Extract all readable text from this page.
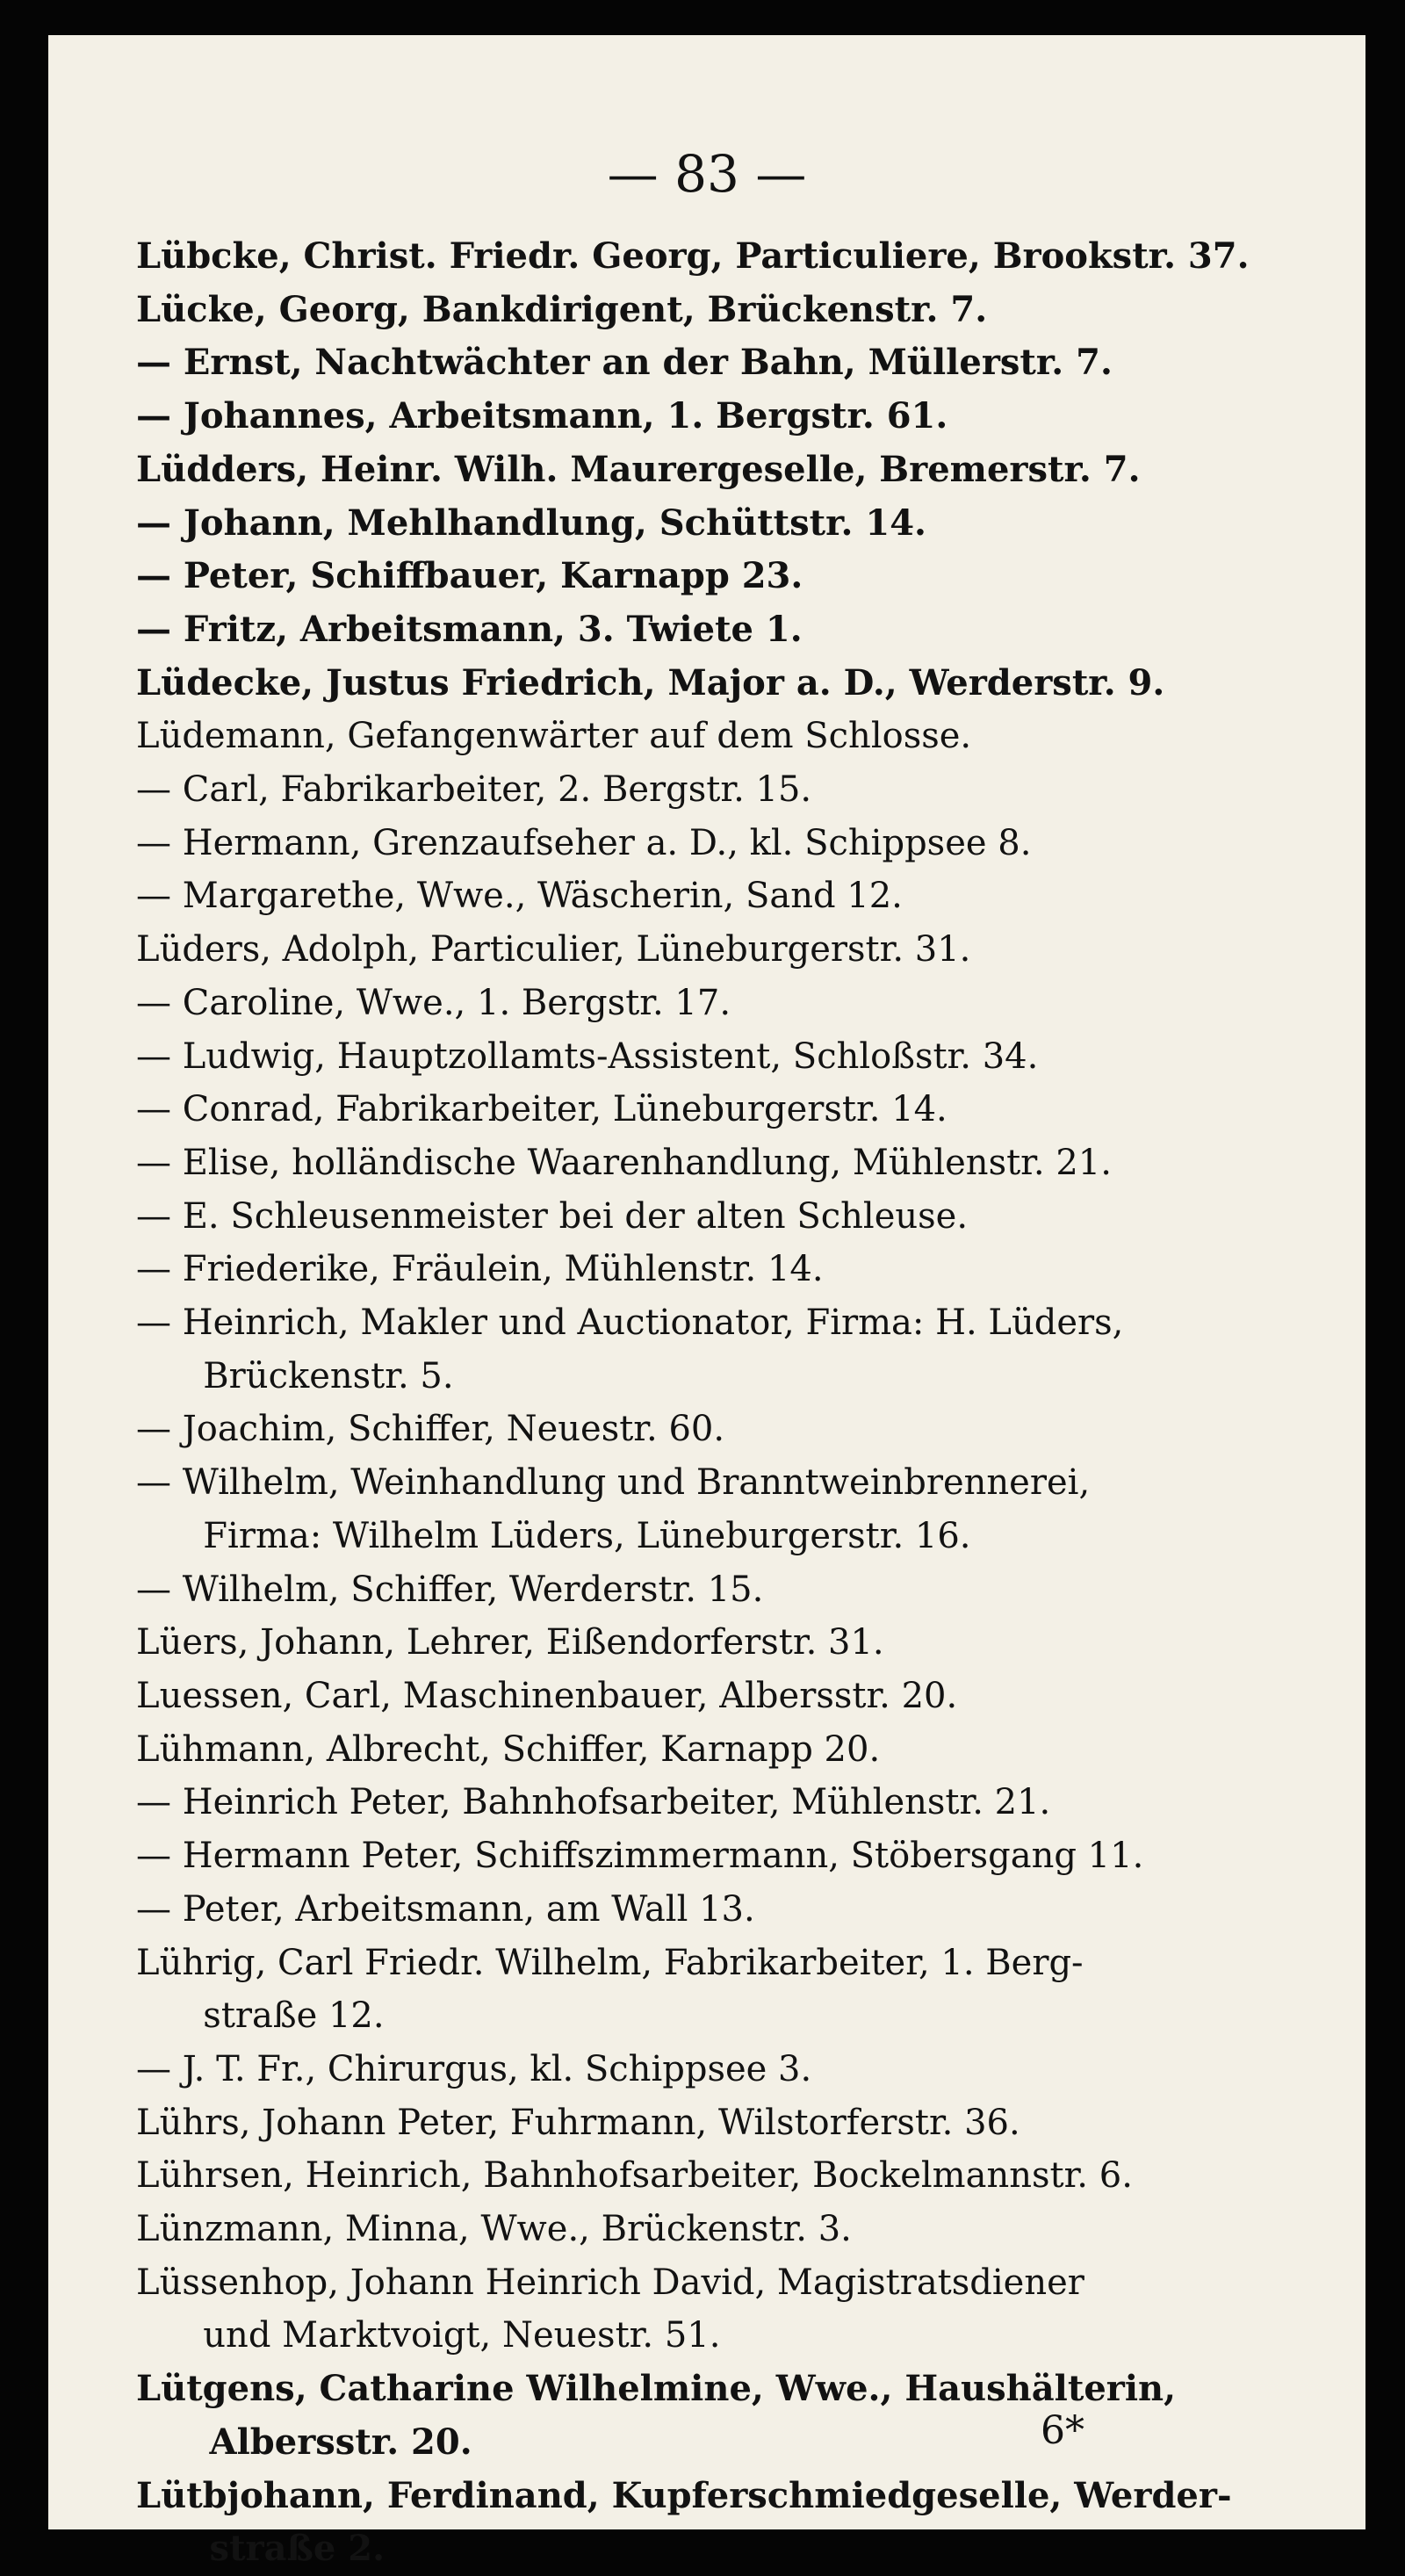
— 83 —
Lübcke, Christ. Friedr. Georg, Particuliere, Brookstr. 37.
Lücke, Georg, Bankdirigent, Brückenstr. 7.
— Ernst, Nachtwächter an der Bahn, Müllerstr. 7.
— Johannes, Arbeitsmann, 1. Bergstr. 61.
Lüdders, Heinr. Wilh. Maurergeselle, Bremerstr. 7.
— Johann, Mehlhandlung, Schüttstr. 14.
— Peter, Schiffbauer, Karnapp 23.
— Fritz, Arbeitsmann, 3. Twiete 1.
Lüdecke, Justus Friedrich, Major a. D., Werderstr. 9.
Lüdemann, Gefangenwärter auf dem Schlosse.
— Carl, Fabrikarbeiter, 2. Bergstr. 15.
— Hermann, Grenzaufseher a. D., kl. Schippsee 8.
— Margarethe, Wwe., Wäscherin, Sand 12.
Lüders, Adolph, Particulier, Lüneburgerstr. 31.
— Caroline, Wwe., 1. Bergstr. 17.
— Ludwig, Hauptzollamts-Assistent, Schloßstr. 34.
— Conrad, Fabrikarbeiter, Lüneburgerstr. 14.
— Elise, holländische Waarenhandlung, Mühlenstr. 21.
— E. Schleusenmeister bei der alten Schleuse.
— Friederike, Fräulein, Mühlenstr. 14.
— Heinrich, Makler und Auctionator, Firma: H. Lüders,
Brückenstr. 5.
— Joachim, Schiffer, Neuestr. 60.
— Wilhelm, Weinhandlung und Branntweinbrennerei,
Firma: Wilhelm Lüders, Lüneburgerstr. 16.
— Wilhelm, Schiffer, Werderstr. 15.
Lüers, Johann, Lehrer, Eißendorferstr. 31.
Luessen, Carl, Maschinenbauer, Albersstr. 20.
Lühmann, Albrecht, Schiffer, Karnapp 20.
— Heinrich Peter, Bahnhofsarbeiter, Mühlenstr. 21.
— Hermann Peter, Schiffszimmermann, Stöbersgang 11.
— Peter, Arbeitsmann, am Wall 13.
Lührig, Carl Friedr. Wilhelm, Fabrikarbeiter, 1. Berg-
straße 12.
— J. T. Fr., Chirurgus, kl. Schippsee 3.
Lührs, Johann Peter, Fuhrmann, Wilstorferstr. 36.
Lührsen, Heinrich, Bahnhofsarbeiter, Bockelmannstr. 6.
Lünzmann, Minna, Wwe., Brückenstr. 3.
Lüssenhop, Johann Heinrich David, Magistratsdiener
und Marktvoigt, Neuestr. 51.
Lütgens, Catharine Wilhelmine, Wwe., Haushälterin,
Albersstr. 20.
Lütbjohann, Ferdinand, Kupferschmiedgeselle, Werder-
straße 2.
6*
